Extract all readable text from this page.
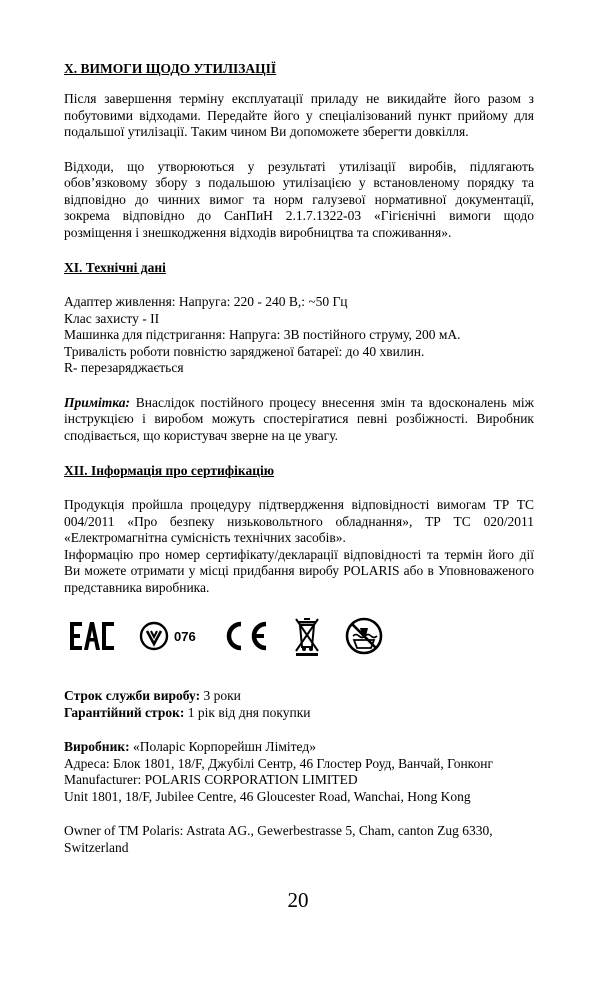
Х. ВИМОГИ ЩОДО УТИЛІЗАЦІЇ

Після завершення терміну експлуатації приладу не викидайте його разом з побутовими відходами. Передайте його у спеціалізований пункт прийому для подальшої утилізації. Таким чином Ви допоможете зберегти довкілля.

Відходи, що утворюються у результаті утилізації виробів, підлягають обов’язковому збору з подальшою утилізацією у встановленому порядку та відповідно до чинних вимог та норм галузевої нормативної документації, зокрема відповідно до СанПиН 2.1.7.1322-03 «Гігієнічні вимоги щодо розміщення і знешкодження відходів виробництва та споживання».

XI. Технічні дані

Адаптер живлення: Напруга: 220 - 240 В,: ~50 Гц
Клас захисту - ІІ
Машинка для підстригання: Напруга: 3В постійного струму, 200 мА.
Тривалість роботи повністю зарядженої батареї: до 40 хвилин.
R- перезаряджається

Примітка: Внаслідок постійного процесу внесення змін та вдосконалень між інструкцією і виробом можуть спостерігатися певні розбіжності. Виробник сподівається, що користувач зверне на це увагу.

XII. Інформація про сертифікацію

Продукція пройшла процедуру підтвердження відповідності вимогам ТР ТС 004/2011 «Про безпеку низьковольтного обладнання», ТР ТС 020/2011 «Електромагнітна сумісність технічних засобів».

Інформацію про номер сертифікату/декларації відповідності та термін його дії Ви можете отримати у місці придбання виробу POLARIS або в Уповноваженого представника виробника.

076

Строк служби виробу: 3 роки
Гарантійний строк: 1 рік від дня покупки

Виробник: «Поларіс Корпорейшн Лімітед»
Адреса: Блок 1801, 18/F, Джубілі Сентр, 46 Глостер Роуд, Ванчай, Гонконг
Manufacturer: POLARIS CORPORATION LIMITED
Unit 1801, 18/F, Jubilee Centre, 46 Gloucester Road, Wanchai, Hong Kong

Owner of TM Polaris: Astrata AG., Gewerbestrasse 5, Cham, canton Zug 6330, Switzerland

20
